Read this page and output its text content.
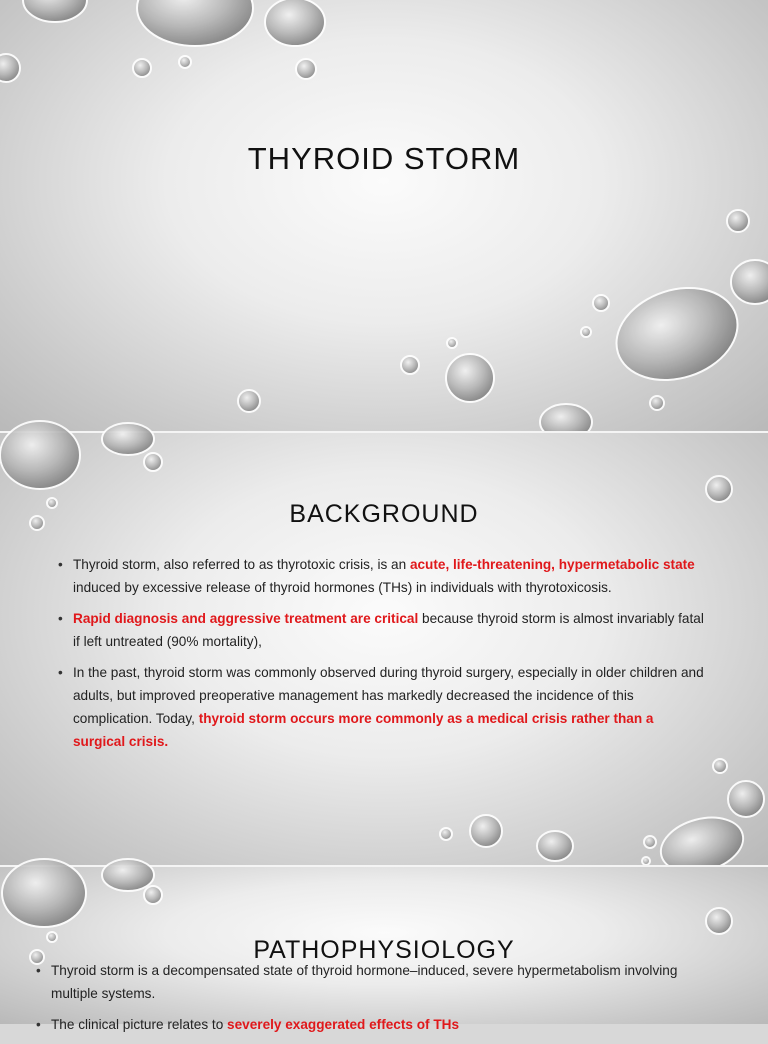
THYROID STORM
BACKGROUND
• Thyroid storm, also referred to as thyrotoxic crisis, is an acute, life-threatening, hypermetabolic state induced by excessive release of thyroid hormones (THs) in individuals with thyrotoxicosis.
• Rapid diagnosis and aggressive treatment are critical because thyroid storm is almost invariably fatal if left untreated (90% mortality),
• In the past, thyroid storm was commonly observed during thyroid surgery, especially in older children and adults, but improved preoperative management has markedly decreased the incidence of this complication. Today, thyroid storm occurs more commonly as a medical crisis rather than a surgical crisis.
PATHOPHYSIOLOGY
• Thyroid storm is a decompensated state of thyroid hormone–induced, severe hypermetabolism involving multiple systems.
• The clinical picture relates to severely exaggerated effects of THs
